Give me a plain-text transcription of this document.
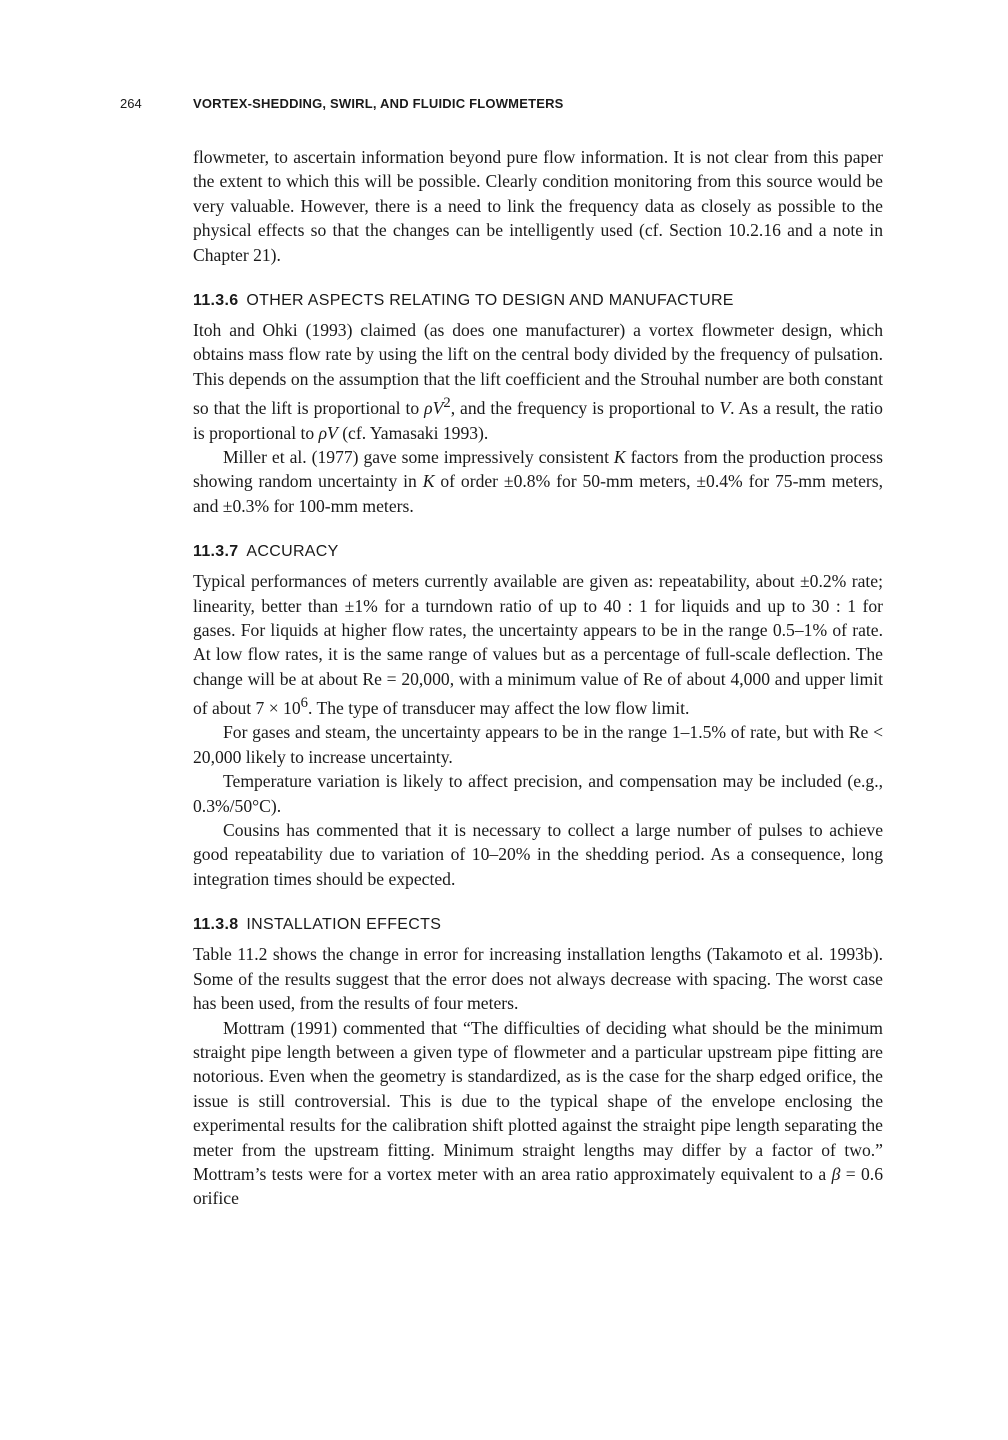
264	VORTEX-SHEDDING, SWIRL, AND FLUIDIC FLOWMETERS

flowmeter, to ascertain information beyond pure flow information. It is not clear from this paper the extent to which this will be possible. Clearly condition monitoring from this source would be very valuable. However, there is a need to link the frequency data as closely as possible to the physical effects so that the changes can be intelligently used (cf. Section 10.2.16 and a note in Chapter 21).

11.3.6 OTHER ASPECTS RELATING TO DESIGN AND MANUFACTURE

Itoh and Ohki (1993) claimed (as does one manufacturer) a vortex flowmeter design, which obtains mass flow rate by using the lift on the central body divided by the frequency of pulsation. This depends on the assumption that the lift coefficient and the Strouhal number are both constant so that the lift is proportional to $\rho V^2$, and the frequency is proportional to V. As a result, the ratio is proportional to ρV (cf. Yamasaki 1993).

Miller et al. (1977) gave some impressively consistent K factors from the production process showing random uncertainty in K of order ±0.8% for 50-mm meters, ±0.4% for 75-mm meters, and ±0.3% for 100-mm meters.

11.3.7 ACCURACY

Typical performances of meters currently available are given as: repeatability, about ±0.2% rate; linearity, better than ±1% for a turndown ratio of up to 40 : 1 for liquids and up to 30 : 1 for gases. For liquids at higher flow rates, the uncertainty appears to be in the range 0.5–1% of rate. At low flow rates, it is the same range of values but as a percentage of full-scale deflection. The change will be at about Re = 20,000, with a minimum value of Re of about 4,000 and upper limit of about $7 \times 10^6$. The type of transducer may affect the low flow limit.

For gases and steam, the uncertainty appears to be in the range 1–1.5% of rate, but with Re < 20,000 likely to increase uncertainty.

Temperature variation is likely to affect precision, and compensation may be included (e.g., 0.3%/50°C).

Cousins has commented that it is necessary to collect a large number of pulses to achieve good repeatability due to variation of 10–20% in the shedding period. As a consequence, long integration times should be expected.

11.3.8 INSTALLATION EFFECTS

Table 11.2 shows the change in error for increasing installation lengths (Takamoto et al. 1993b). Some of the results suggest that the error does not always decrease with spacing. The worst case has been used, from the results of four meters.

Mottram (1991) commented that “The difficulties of deciding what should be the minimum straight pipe length between a given type of flowmeter and a particular upstream pipe fitting are notorious. Even when the geometry is standardized, as is the case for the sharp edged orifice, the issue is still controversial. This is due to the typical shape of the envelope enclosing the experimental results for the calibration shift plotted against the straight pipe length separating the meter from the upstream fitting. Minimum straight lengths may differ by a factor of two.” Mottram’s tests were for a vortex meter with an area ratio approximately equivalent to a β = 0.6 orifice
